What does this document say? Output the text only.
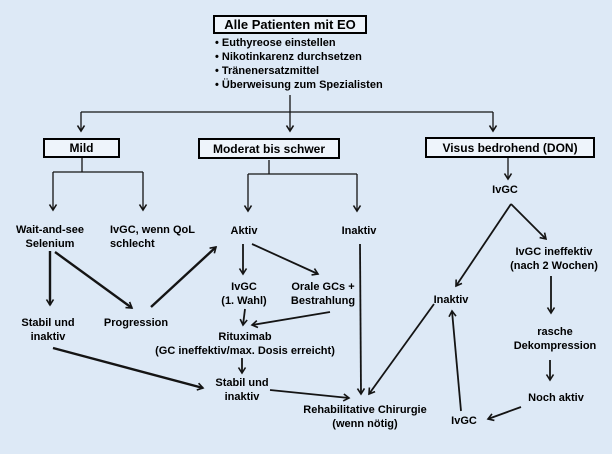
Alle Patienten mit EO
• Euthyreose einstellen
• Nikotinkarenz durchsetzen
• Tränenersatzmittel
• Überweisung zum Spezialisten
Mild	Moderat bis schwer	Visus bedrohend (DON)
Wait-and-see
Selenium
IvGC, wenn QoL
schlecht
Stabil und
inaktiv
Progression
Aktiv	Inaktiv
IvGC
(1. Wahl)
Orale GCs +
Bestrahlung
Rituximab
(GC ineffektiv/max. Dosis erreicht)
Stabil und
inaktiv
Rehabilitative Chirurgie
(wenn nötig)
IvGC
Inaktiv
IvGC ineffektiv
(nach 2 Wochen)
rasche
Dekompression
Noch aktiv
IvGC
